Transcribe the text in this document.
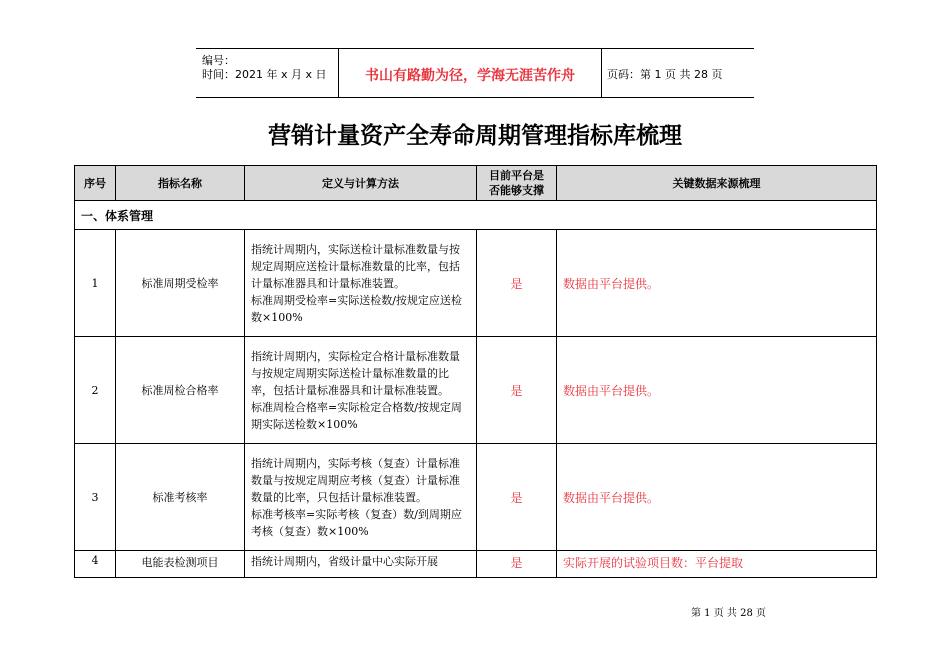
编号：
时间：2021 年 x 月 x 日	书山有路勤为径，学海无涯苦作舟	页码：第 1 页 共 28 页
营销计量资产全寿命周期管理指标库梳理
序号	指标名称	定义与计算方法	目前平台是
否能够支撑	关键数据来源梳理
一、体系管理				
1	标准周期受检率	指统计周期内，实际送检计量标准数量与按规定周期应送检计量标准数量的比率，包括计量标准器具和计量标准装置。
标准周期受检率=实际送检数/按规定应送检数×100%	是	数据由平台提供。
2	标准周检合格率	指统计周期内，实际检定合格计量标准数量与按规定周期实际送检计量标准数量的比率，包括计量标准器具和计量标准装置。
标准周检合格率=实际检定合格数/按规定周期实际送检数×100%	是	数据由平台提供。
3	标准考核率	指统计周期内，实际考核（复查）计量标准数量与按规定周期应考核（复查）计量标准数量的比率，只包括计量标准装置。
标准考核率=实际考核（复查）数/到周期应考核（复查）数×100%	是	数据由平台提供。
4	电能表检测项目	指统计周期内，省级计量中心实际开展	是	实际开展的试验项目数：平台提取
第 1 页 共 28 页
